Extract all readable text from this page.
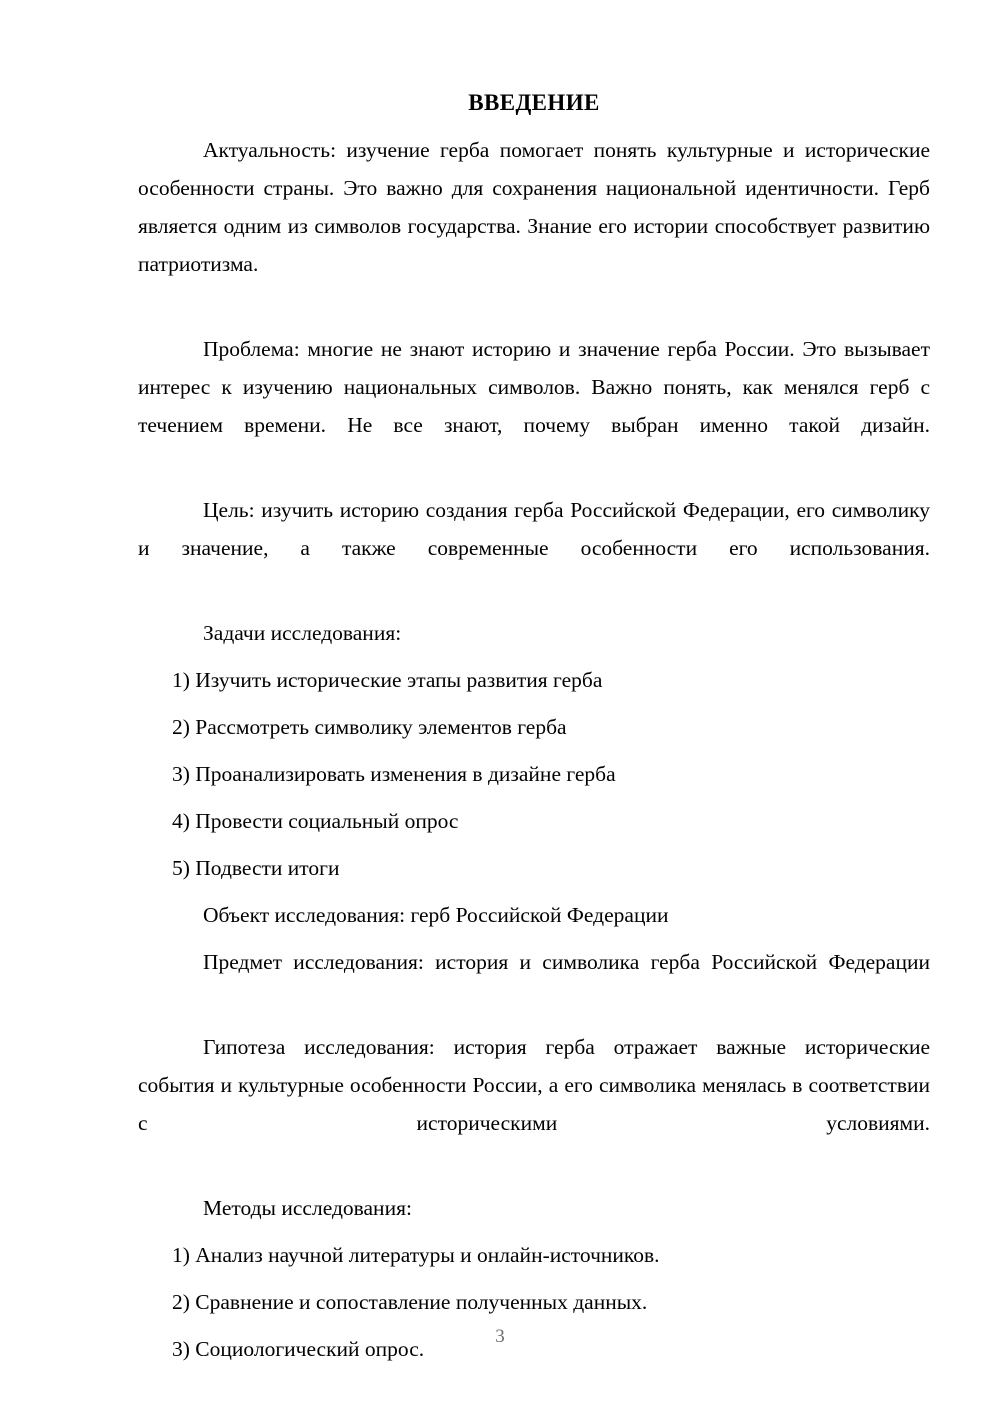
ВВЕДЕНИЕ

Актуальность: изучение герба помогает понять культурные и исторические особенности страны. Это важно для сохранения национальной идентичности. Герб является одним из символов государства. Знание его истории способствует развитию патриотизма.

Проблема: многие не знают историю и значение герба России. Это вызывает интерес к изучению национальных символов. Важно понять, как менялся герб с течением времени. Не все знают, почему выбран именно такой дизайн.

Цель: изучить историю создания герба Российской Федерации, его символику и значение, а также современные особенности его использования.

Задачи исследования:

1) Изучить исторические этапы развития герба
2) Рассмотреть символику элементов герба
3) Проанализировать изменения в дизайне герба
4) Провести социальный опрос
5) Подвести итоги

Объект исследования: герб Российской Федерации

Предмет исследования: история и символика герба Российской Федерации

Гипотеза исследования: история герба отражает важные исторические события и культурные особенности России, а его символика менялась в соответствии с историческими условиями.

Методы исследования:

1) Анализ научной литературы и онлайн-источников.
2) Сравнение и сопоставление полученных данных.
3) Социологический опрос.	3
